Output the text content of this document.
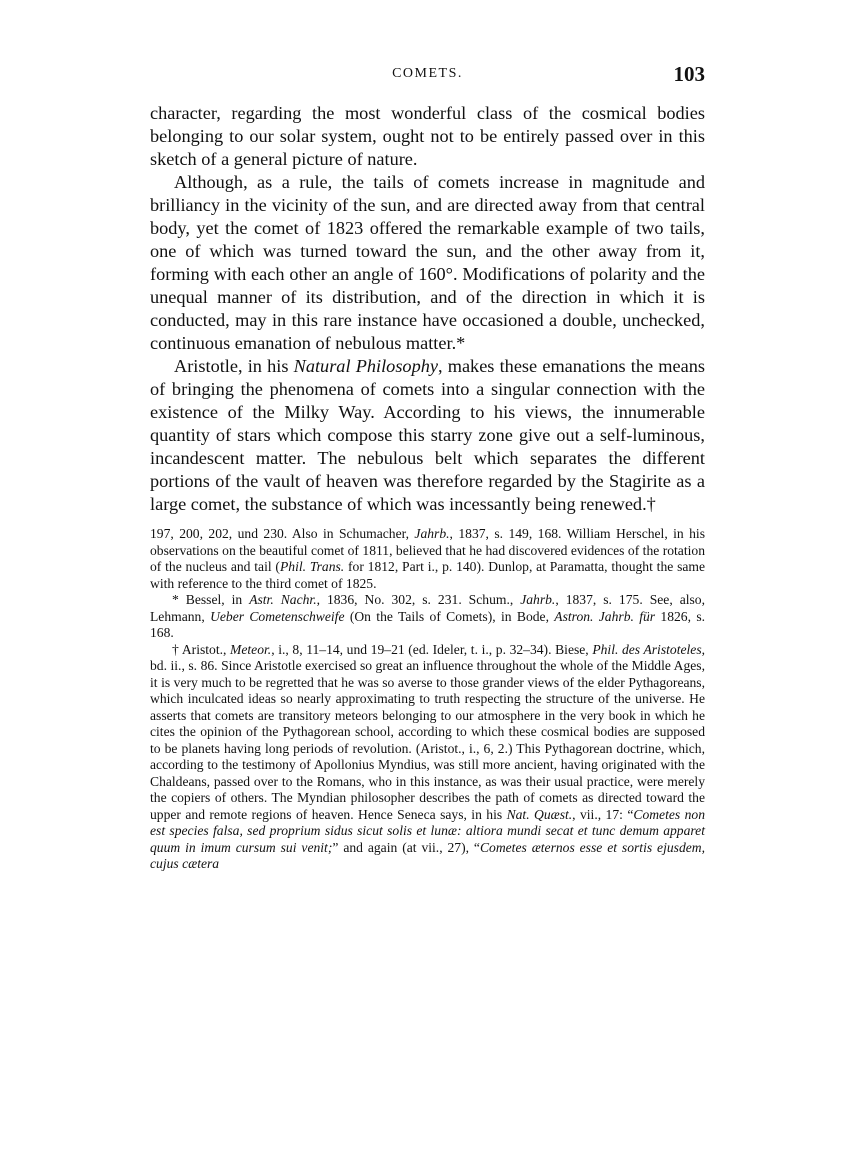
COMETS.	103

character, regarding the most wonderful class of the cosmical bodies belonging to our solar system, ought not to be entirely passed over in this sketch of a general picture of nature.

Although, as a rule, the tails of comets increase in magnitude and brilliancy in the vicinity of the sun, and are directed away from that central body, yet the comet of 1823 offered the remarkable example of two tails, one of which was turned toward the sun, and the other away from it, forming with each other an angle of 160°. Modifications of polarity and the unequal manner of its distribution, and of the direction in which it is conducted, may in this rare instance have occasioned a double, unchecked, continuous emanation of nebulous matter.*

Aristotle, in his Natural Philosophy, makes these emanations the means of bringing the phenomena of comets into a singular connection with the existence of the Milky Way. According to his views, the innumerable quantity of stars which compose this starry zone give out a self-luminous, incandescent matter. The nebulous belt which separates the different portions of the vault of heaven was therefore regarded by the Stagirite as a large comet, the substance of which was incessantly being renewed.†

197, 200, 202, und 230. Also in Schumacher, Jahrb., 1837, s. 149, 168. William Herschel, in his observations on the beautiful comet of 1811, believed that he had discovered evidences of the rotation of the nucleus and tail (Phil. Trans. for 1812, Part i., p. 140). Dunlop, at Paramatta, thought the same with reference to the third comet of 1825.

* Bessel, in Astr. Nachr., 1836, No. 302, s. 231. Schum., Jahrb., 1837, s. 175. See, also, Lehmann, Ueber Cometenschweife (On the Tails of Comets), in Bode, Astron. Jahrb. für 1826, s. 168.

† Aristot., Meteor., i., 8, 11–14, und 19–21 (ed. Ideler, t. i., p. 32–34). Biese, Phil. des Aristoteles, bd. ii., s. 86. Since Aristotle exercised so great an influence throughout the whole of the Middle Ages, it is very much to be regretted that he was so averse to those grander views of the elder Pythagoreans, which inculcated ideas so nearly approximating to truth respecting the structure of the universe. He asserts that comets are transitory meteors belonging to our atmosphere in the very book in which he cites the opinion of the Pythagorean school, according to which these cosmical bodies are supposed to be planets having long periods of revolution. (Aristot., i., 6, 2.) This Pythagorean doctrine, which, according to the testimony of Apollonius Myndius, was still more ancient, having originated with the Chaldeans, passed over to the Romans, who in this instance, as was their usual practice, were merely the copiers of others. The Myndian philosopher describes the path of comets as directed toward the upper and remote regions of heaven. Hence Seneca says, in his Nat. Quæst., vii., 17: “Cometes non est species falsa, sed proprium sidus sicut solis et lunæ: altiora mundi secat et tunc demum apparet quum in imum cursum sui venit;” and again (at vii., 27), “Cometes æternos esse et sortis ejusdem, cujus cætera
